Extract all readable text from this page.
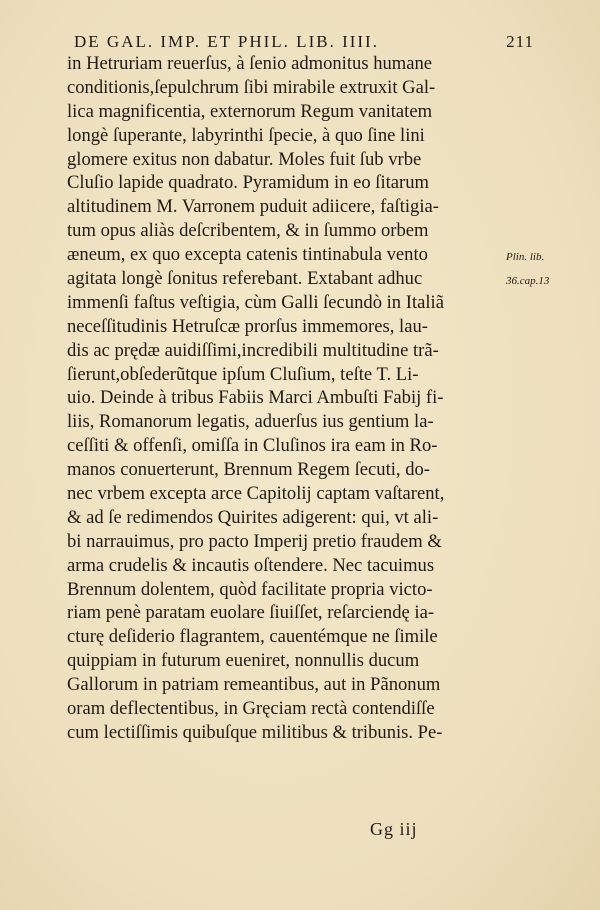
DE GAL. IMP. ET PHIL. LIB. IIII.	211
in Hetruriam reuerſus, à ſenio admonitus humane
conditionis,ſepulchrum ſibi mirabile extruxit Gal-
lica magnificentia, externorum Regum vanitatem
longè ſuperante, labyrinthi ſpecie, à quo ſine lini
glomere exitus non dabatur. Moles fuit ſub vrbe
Cluſio lapide quadrato. Pyramidum in eo ſitarum
altitudinem M. Varronem puduit adiicere, faſtigia-
tum opus aliàs deſcribentem, & in ſummo orbem
æneum, ex quo excepta catenis tintinabula vento
agitata longè ſonitus referebant. Extabant adhuc
immenſi faſtus veſtigia, cùm Galli ſecundò in Italiã
neceſſitudinis Hetruſcæ prorſus immemores, lau-
dis ac prędæ auidiſſimi,incredibili multitudine trã-
ſierunt,obſederũtque ipſum Cluſium, teſte T. Li-
uio. Deinde à tribus Fabiis Marci Ambuſti Fabij fi-
liis, Romanorum legatis, aduerſus ius gentium la-
ceſſiti & offenſi, omiſſa in Cluſinos ira eam in Ro-
manos conuerterunt, Brennum Regem ſecuti, do-
nec vrbem excepta arce Capitolij captam vaſtarent,
& ad ſe redimendos Quirites adigerent: qui, vt ali-
bi narrauimus, pro pacto Imperij pretio fraudem &
arma crudelis & incautis oſtendere. Nec tacuimus
Brennum dolentem, quòd facilitate propria victo-
riam penè paratam euolare ſiuiſſet, reſarciendę ia-
cturę deſiderio flagrantem, cauentémque ne ſimile
quippiam in futurum eueniret, nonnullis ducum
Gallorum in patriam remeantibus, aut in Pãnonum
oram deflectentibus, in Gręciam rectà contendiſſe
cum lectiſſimis quibuſque militibus & tribunis. Pe-
Plin. lib.
36.cap.13
Gg iij
